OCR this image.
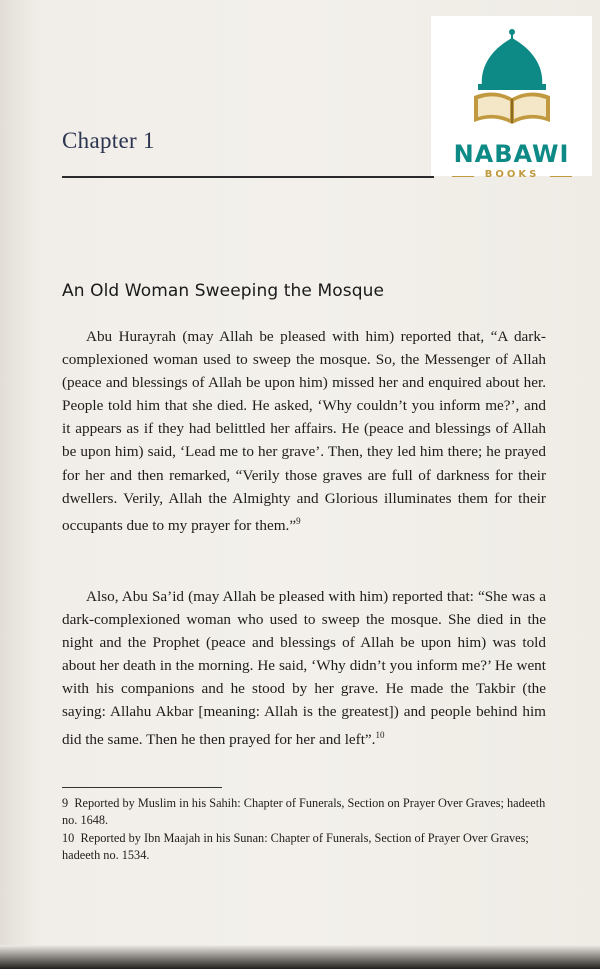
Chapter 1	NABAWI
BOOKS
An Old Woman Sweeping the Mosque

Abu Hurayrah (may Allah be pleased with him) reported that, “A dark-complexioned woman used to sweep the mosque. So, the Messenger of Allah (peace and blessings of Allah be upon him) missed her and enquired about her. People told him that she died. He asked, ‘Why couldn’t you inform me?’, and it appears as if they had belittled her affairs. He (peace and blessings of Allah be upon him) said, ‘Lead me to her grave’. Then, they led him there; he prayed for her and then remarked, “Verily those graves are full of darkness for their dwellers. Verily, Allah the Almighty and Glorious illuminates them for their occupants due to my prayer for them.”$^9$

Also, Abu Sa’id (may Allah be pleased with him) reported that: “She was a dark-complexioned woman who used to sweep the mosque. She died in the night and the Prophet (peace and blessings of Allah be upon him) was told about her death in the morning. He said, ‘Why didn’t you inform me?’ He went with his companions and he stood by her grave. He made the Takbir (the saying: Allahu Akbar [meaning: Allah is the greatest]) and people behind him did the same. Then he then prayed for her and left”.$^{10}$

9 Reported by Muslim in his Sahih: Chapter of Funerals, Section on Prayer Over Graves; hadeeth no. 1648.

10 Reported by Ibn Maajah in his Sunan: Chapter of Funerals, Section of Prayer Over Graves; hadeeth no. 1534.
